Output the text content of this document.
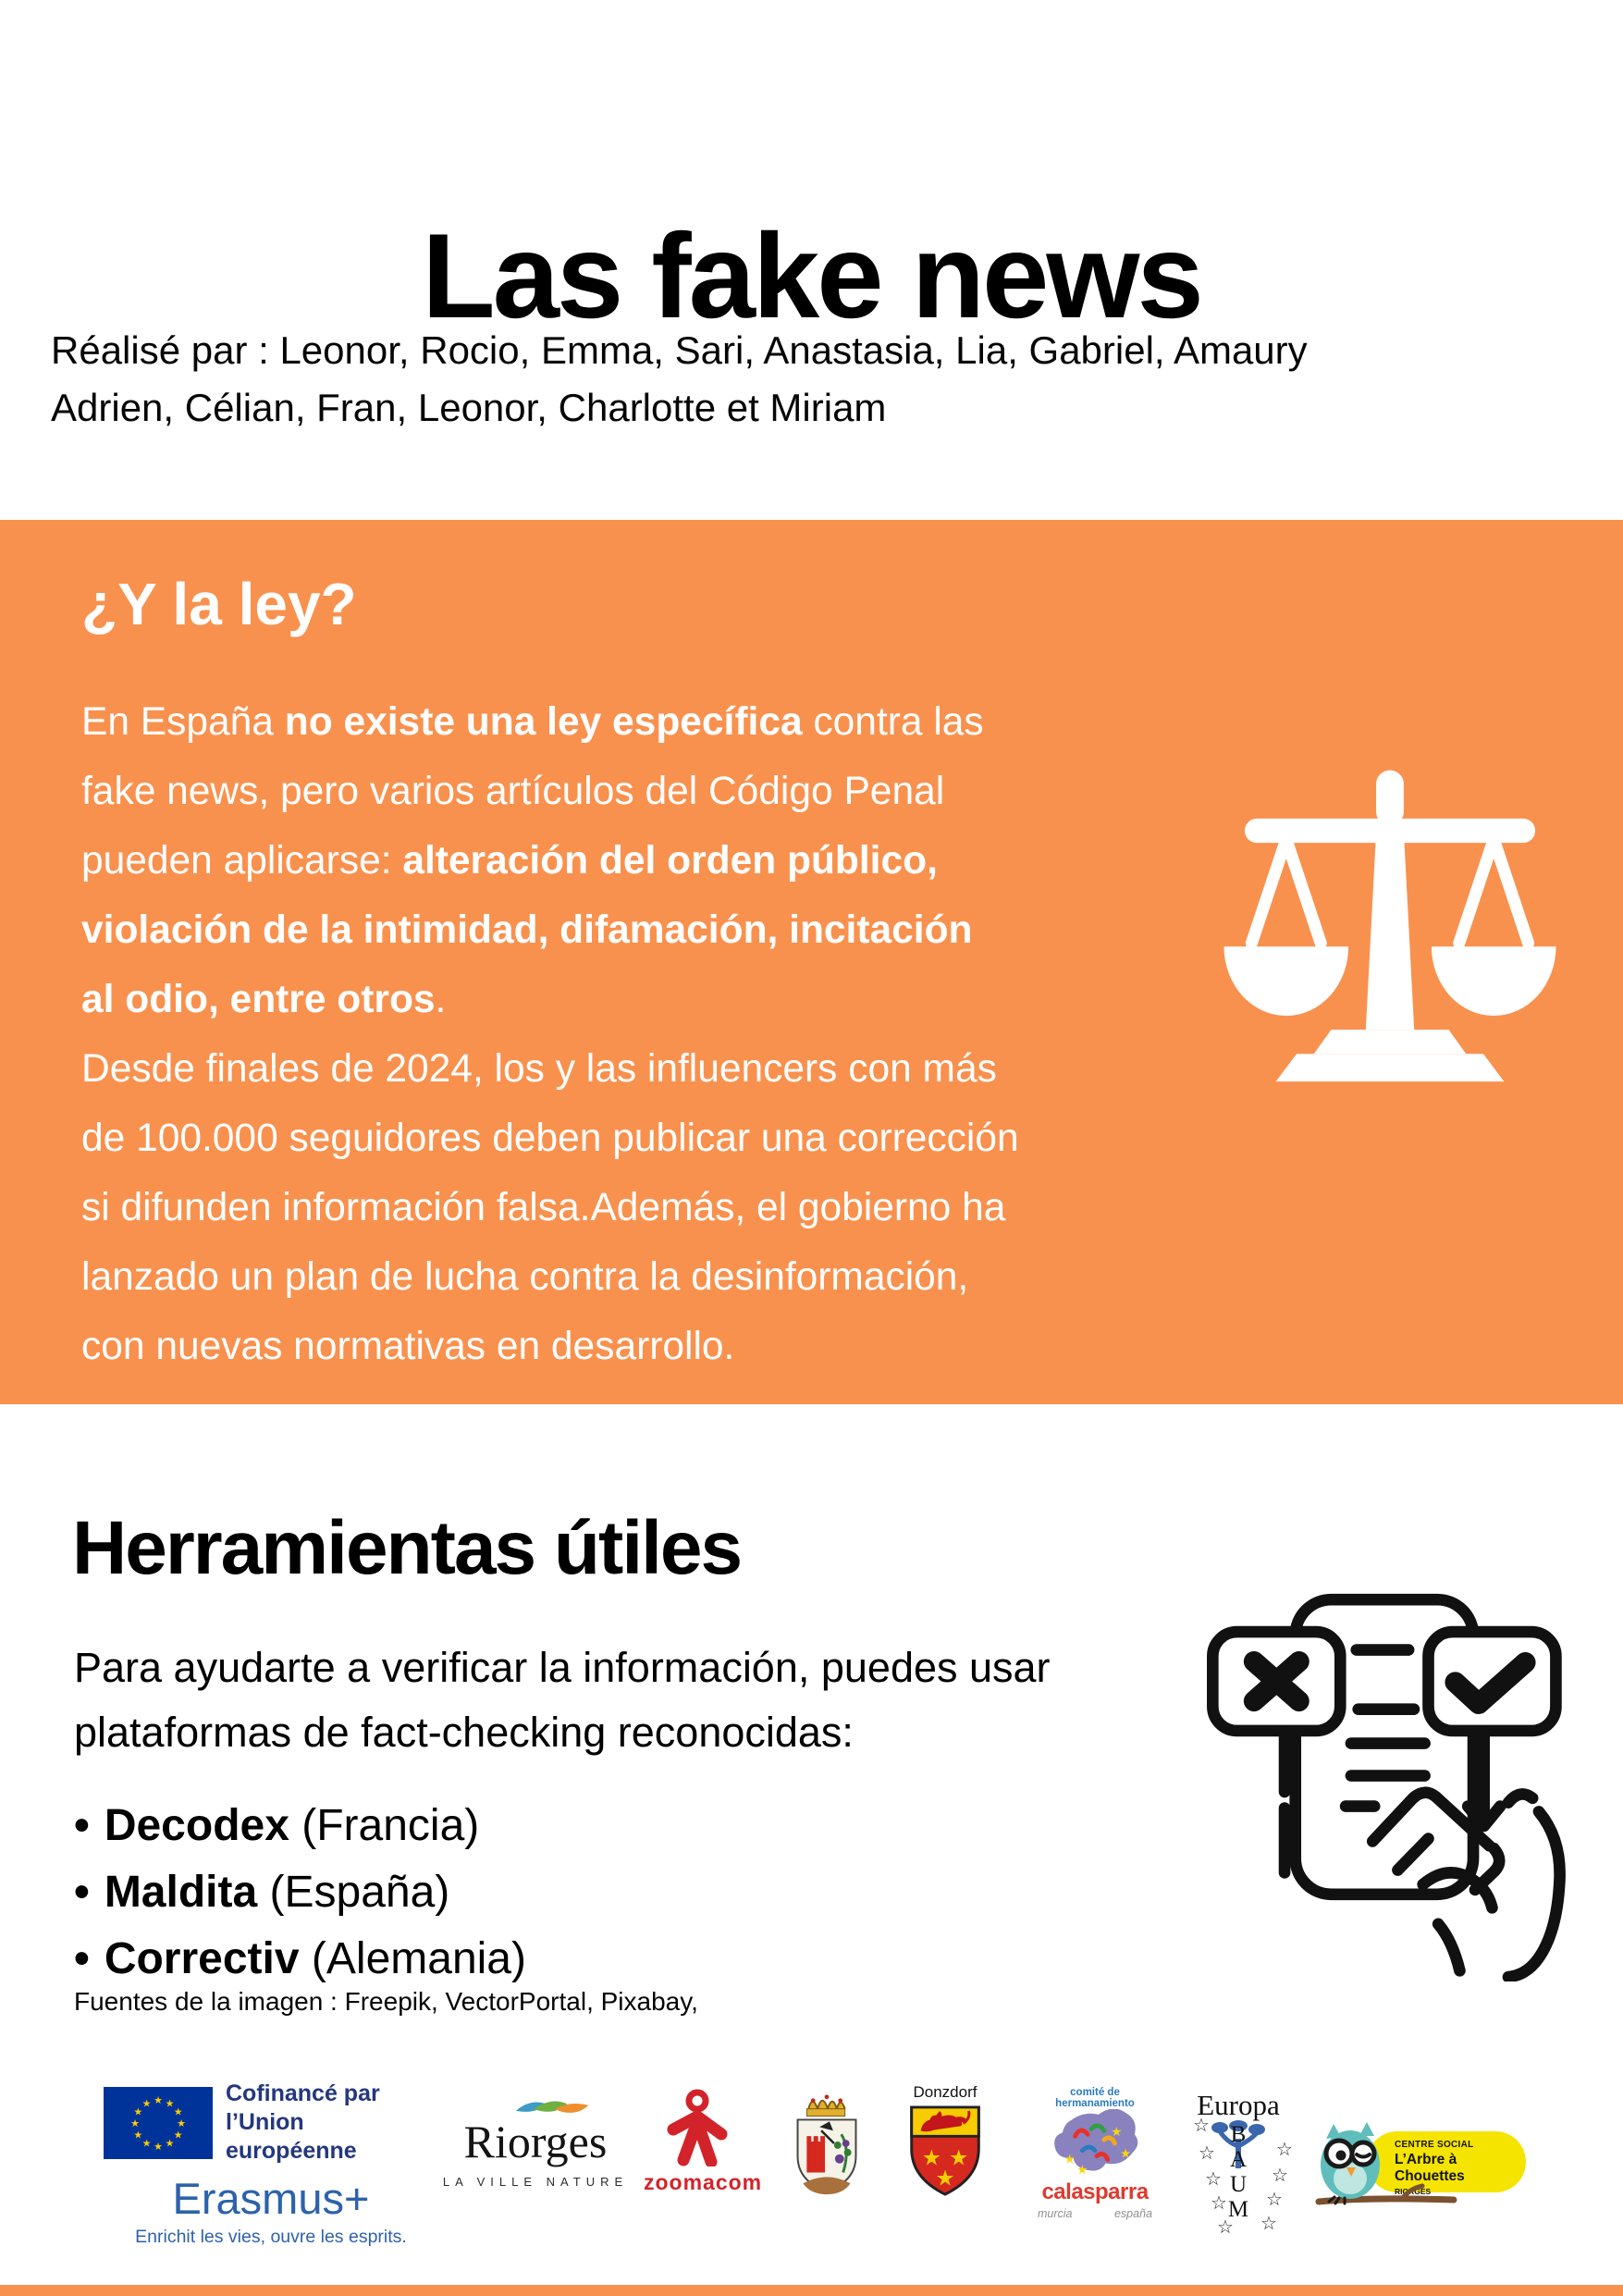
Las fake news
Réalisé par : Leonor, Rocio, Emma, Sari, Anastasia, Lia, Gabriel, Amaury
Adrien, Célian, Fran, Leonor, Charlotte et Miriam
¿Y la ley?
En España no existe una ley específica contra las
fake news, pero varios artículos del Código Penal
pueden aplicarse: alteración del orden público,
violación de la intimidad, difamación, incitación
al odio, entre otros.
Desde finales de 2024, los y las influencers con más
de 100.000 seguidores deben publicar una corrección
si difunden información falsa.Además, el gobierno ha
lanzado un plan de lucha contra la desinformación,
con nuevas normativas en desarrollo.
Herramientas útiles
Para ayudarte a verificar la información, puedes usar
plataformas de fact-checking reconocidas:
• Decodex (Francia)
• Maldita (España)
• Correctiv (Alemania)
Fuentes de la imagen : Freepik, VectorPortal, Pixabay,
★ ★
★
★
★
★
★
★
★
★
★
★	Cofinancé par
l’Union européenne
Erasmus+
Enrichit les vies, ouvre les esprits.
Riorges
LA VILLE NATURE zoomacom
Donzdorf
★ ★
★
comité de hermanamiento
★
★
★
★
calasparra
murcia	españa
Europa
B
A
U
M
☆
☆
☆
☆
☆
☆
☆
☆
☆
CENTRE SOCIAL
L’Arbre à Chouettes
RIORGES
